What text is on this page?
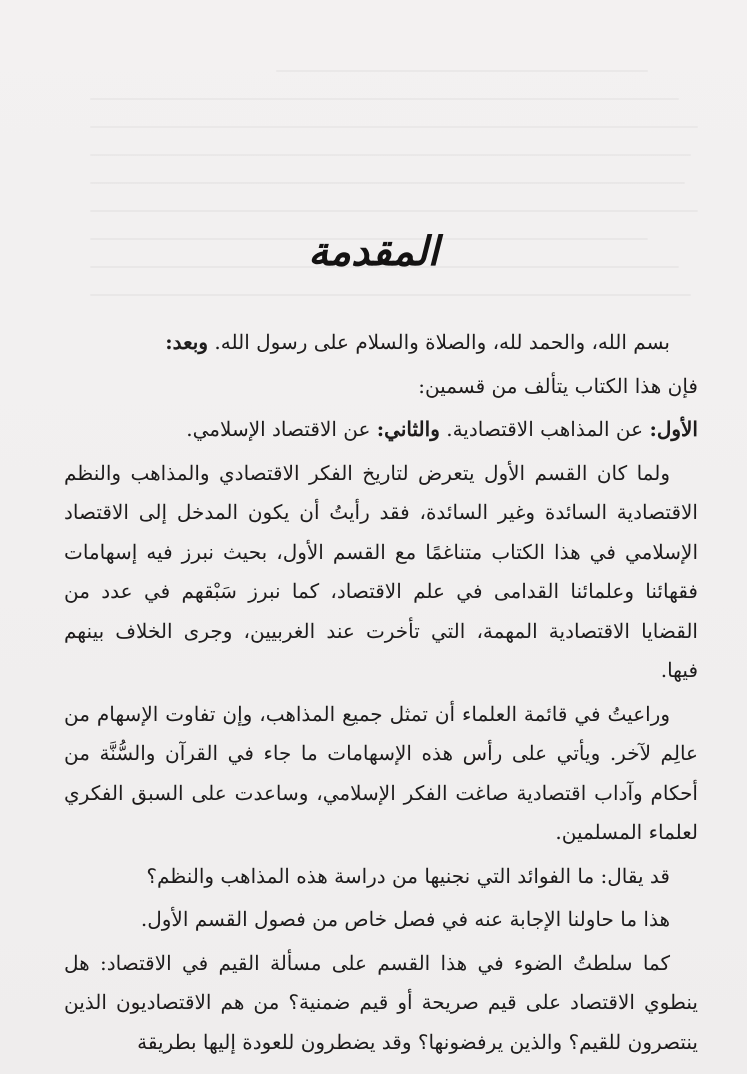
المقدمة

بسم الله، والحمد لله، والصلاة والسلام على رسول الله. وبعد:

فإن هذا الكتاب يتألف من قسمين:

الأول: عن المذاهب الاقتصادية. والثاني: عن الاقتصاد الإسلامي.

ولما كان القسم الأول يتعرض لتاريخ الفكر الاقتصادي والمذاهب والنظم الاقتصادية السائدة وغير السائدة، فقد رأيتُ أن يكون المدخل إلى الاقتصاد الإسلامي في هذا الكتاب متناغمًا مع القسم الأول، بحيث نبرز فيه إسهامات فقهائنا وعلمائنا القدامى في علم الاقتصاد، كما نبرز سَبْقهم في عدد من القضايا الاقتصادية المهمة، التي تأخرت عند الغربيين، وجرى الخلاف بينهم فيها.

وراعيتُ في قائمة العلماء أن تمثل جميع المذاهب، وإن تفاوت الإسهام من عالِم لآخر. ويأتي على رأس هذه الإسهامات ما جاء في القرآن والسُّنَّة من أحكام وآداب اقتصادية صاغت الفكر الإسلامي، وساعدت على السبق الفكري لعلماء المسلمين.

قد يقال: ما الفوائد التي نجنيها من دراسة هذه المذاهب والنظم؟

هذا ما حاولنا الإجابة عنه في فصل خاص من فصول القسم الأول.

كما سلطتُ الضوء في هذا القسم على مسألة القيم في الاقتصاد: هل ينطوي الاقتصاد على قيم صريحة أو قيم ضمنية؟ من هم الاقتصاديون الذين ينتصرون للقيم؟ والذين يرفضونها؟ وقد يضطرون للعودة إليها بطريقة
